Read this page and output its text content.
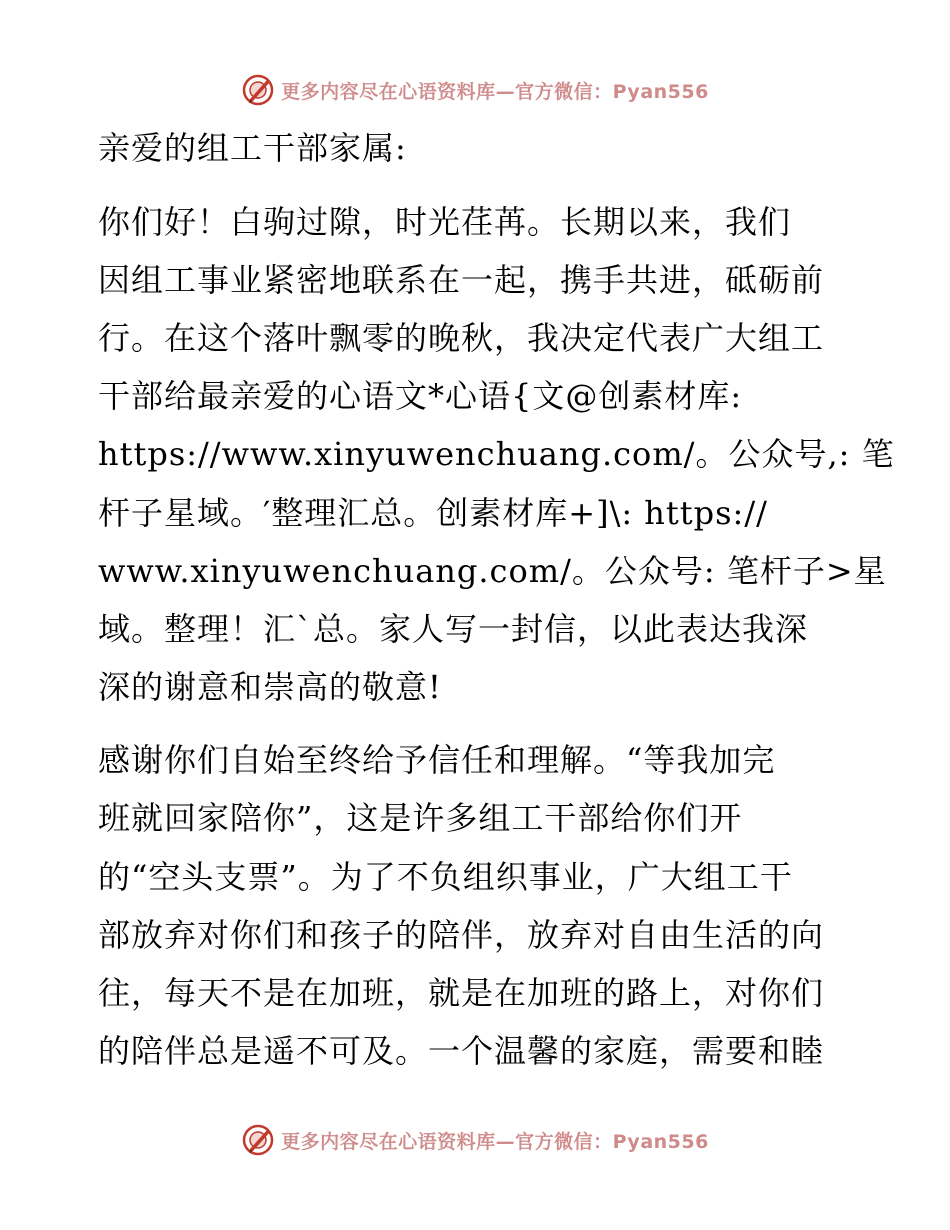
更多内容尽在心语资料库—官方微信：Pyan556
亲爱的组工干部家属:
你们好！白驹过隙，时光荏苒。长期以来，我们
因组工事业紧密地联系在一起，携手共进，砥砺前
行。在这个落叶飘零的晚秋，我决定代表广大组工
干部给最亲爱的心语文*心语{文@创素材库:
https://www.xinyuwenchuang.com/。公众号,: 笔
杆子星域。′整理汇总。创素材库+]\: https://
www.xinyuwenchuang.com/。公众号: 笔杆子>星
域。整理！汇`总。家人写一封信，以此表达我深
深的谢意和崇高的敬意!
感谢你们自始至终给予信任和理解。“等我加完
班就回家陪你”，这是许多组工干部给你们开
的“空头支票”。为了不负组织事业，广大组工干
部放弃对你们和孩子的陪伴，放弃对自由生活的向
往，每天不是在加班，就是在加班的路上，对你们
的陪伴总是遥不可及。一个温馨的家庭，需要和睦
更多内容尽在心语资料库—官方微信：Pyan556
